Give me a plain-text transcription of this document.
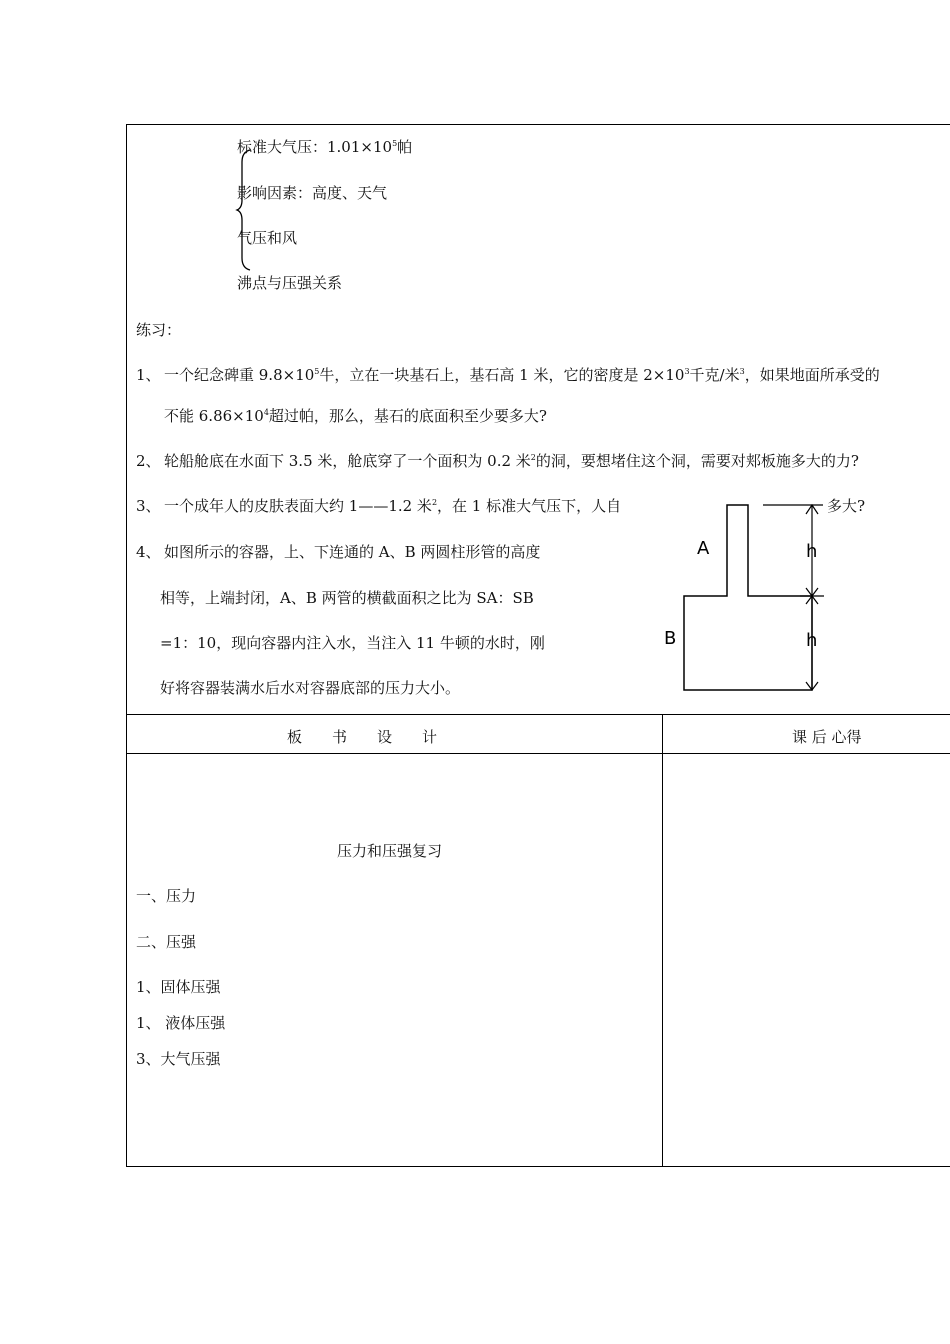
标准大气压：$1.01\times 10^5$帕
影响因素：高度、天气
气压和风
沸点与压强关系
练习：
1、 一个纪念碑重 $9.8\times 10^5$牛，立在一块基石上，基石高 1 米，它的密度是 $2\times 10^3$千克/米$^3$，如果地面所承受的
不能 $6.86\times 10^4$超过帕，那么，基石的底面积至少要多大?
2、 轮船舱底在水面下 3.5 米，舱底穿了一个面积为 0.2 米$^2$的洞，要想堵住这个洞，需要对郏板施多大的力?
3、 一个成年人的皮肤表面大约 1——1.2 米$^2$，在 1 标准大气压下，人自	多大?
4、 如图所示的容器，上、下连通的 A、B 两圆柱形管的高度
相等，上端封闭，A、B 两管的横截面积之比为 SA：SB
=1：10，现向容器内注入水，当注入 11 牛顿的水时，刚
好将容器装满水后水对容器底部的压力大小。
A
B
h
h
板　　书　　设　　计	课 后 心得
压力和压强复习
一、压力
二、压强
1、固体压强
1、 液体压强
3、大气压强
